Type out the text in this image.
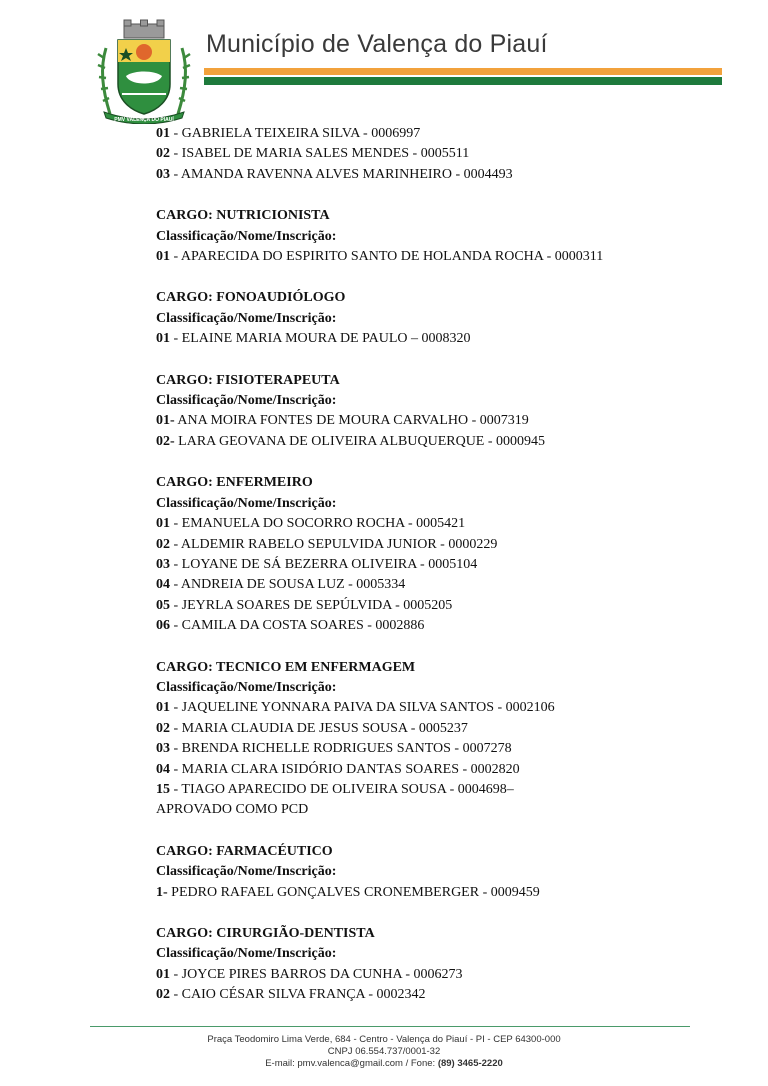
PMV VALENÇA DO PIAUÍ
Município de Valença do Piauí
01 - GABRIELA TEIXEIRA SILVA - 0006997
02 - ISABEL DE MARIA SALES MENDES - 0005511
03 - AMANDA RAVENNA ALVES MARINHEIRO - 0004493
CARGO: NUTRICIONISTA
Classificação/Nome/Inscrição:
01 - APARECIDA DO ESPIRITO SANTO DE HOLANDA ROCHA - 0000311
CARGO: FONOAUDIÓLOGO
Classificação/Nome/Inscrição:
01 - ELAINE MARIA MOURA DE PAULO – 0008320
CARGO: FISIOTERAPEUTA
Classificação/Nome/Inscrição:
01- ANA MOIRA FONTES DE MOURA CARVALHO - 0007319
02- LARA GEOVANA DE OLIVEIRA ALBUQUERQUE - 0000945
CARGO: ENFERMEIRO
Classificação/Nome/Inscrição:
01 - EMANUELA DO SOCORRO ROCHA - 0005421
02 - ALDEMIR RABELO SEPULVIDA JUNIOR - 0000229
03 - LOYANE DE SÁ BEZERRA OLIVEIRA - 0005104
04 - ANDREIA DE SOUSA LUZ - 0005334
05 - JEYRLA SOARES DE SEPÚLVIDA - 0005205
06 - CAMILA DA COSTA SOARES - 0002886
CARGO: TECNICO EM ENFERMAGEM
Classificação/Nome/Inscrição:
01 - JAQUELINE YONNARA PAIVA DA SILVA SANTOS - 0002106
02 - MARIA CLAUDIA DE JESUS SOUSA - 0005237
03 - BRENDA RICHELLE RODRIGUES SANTOS - 0007278
04 - MARIA CLARA ISIDÓRIO DANTAS SOARES - 0002820
15 - TIAGO APARECIDO DE OLIVEIRA SOUSA - 0004698–
APROVADO COMO PCD
CARGO: FARMACÉUTICO
Classificação/Nome/Inscrição:
1- PEDRO RAFAEL GONÇALVES CRONEMBERGER - 0009459
CARGO: CIRURGIÃO-DENTISTA
Classificação/Nome/Inscrição:
01 - JOYCE PIRES BARROS DA CUNHA - 0006273
02 - CAIO CÉSAR SILVA FRANÇA - 0002342
Praça Teodomiro Lima Verde, 684 - Centro - Valença do Piauí - PI - CEP 64300-000
CNPJ 06.554.737/0001-32
E-mail: pmv.valenca@gmail.com / Fone: (89) 3465-2220
